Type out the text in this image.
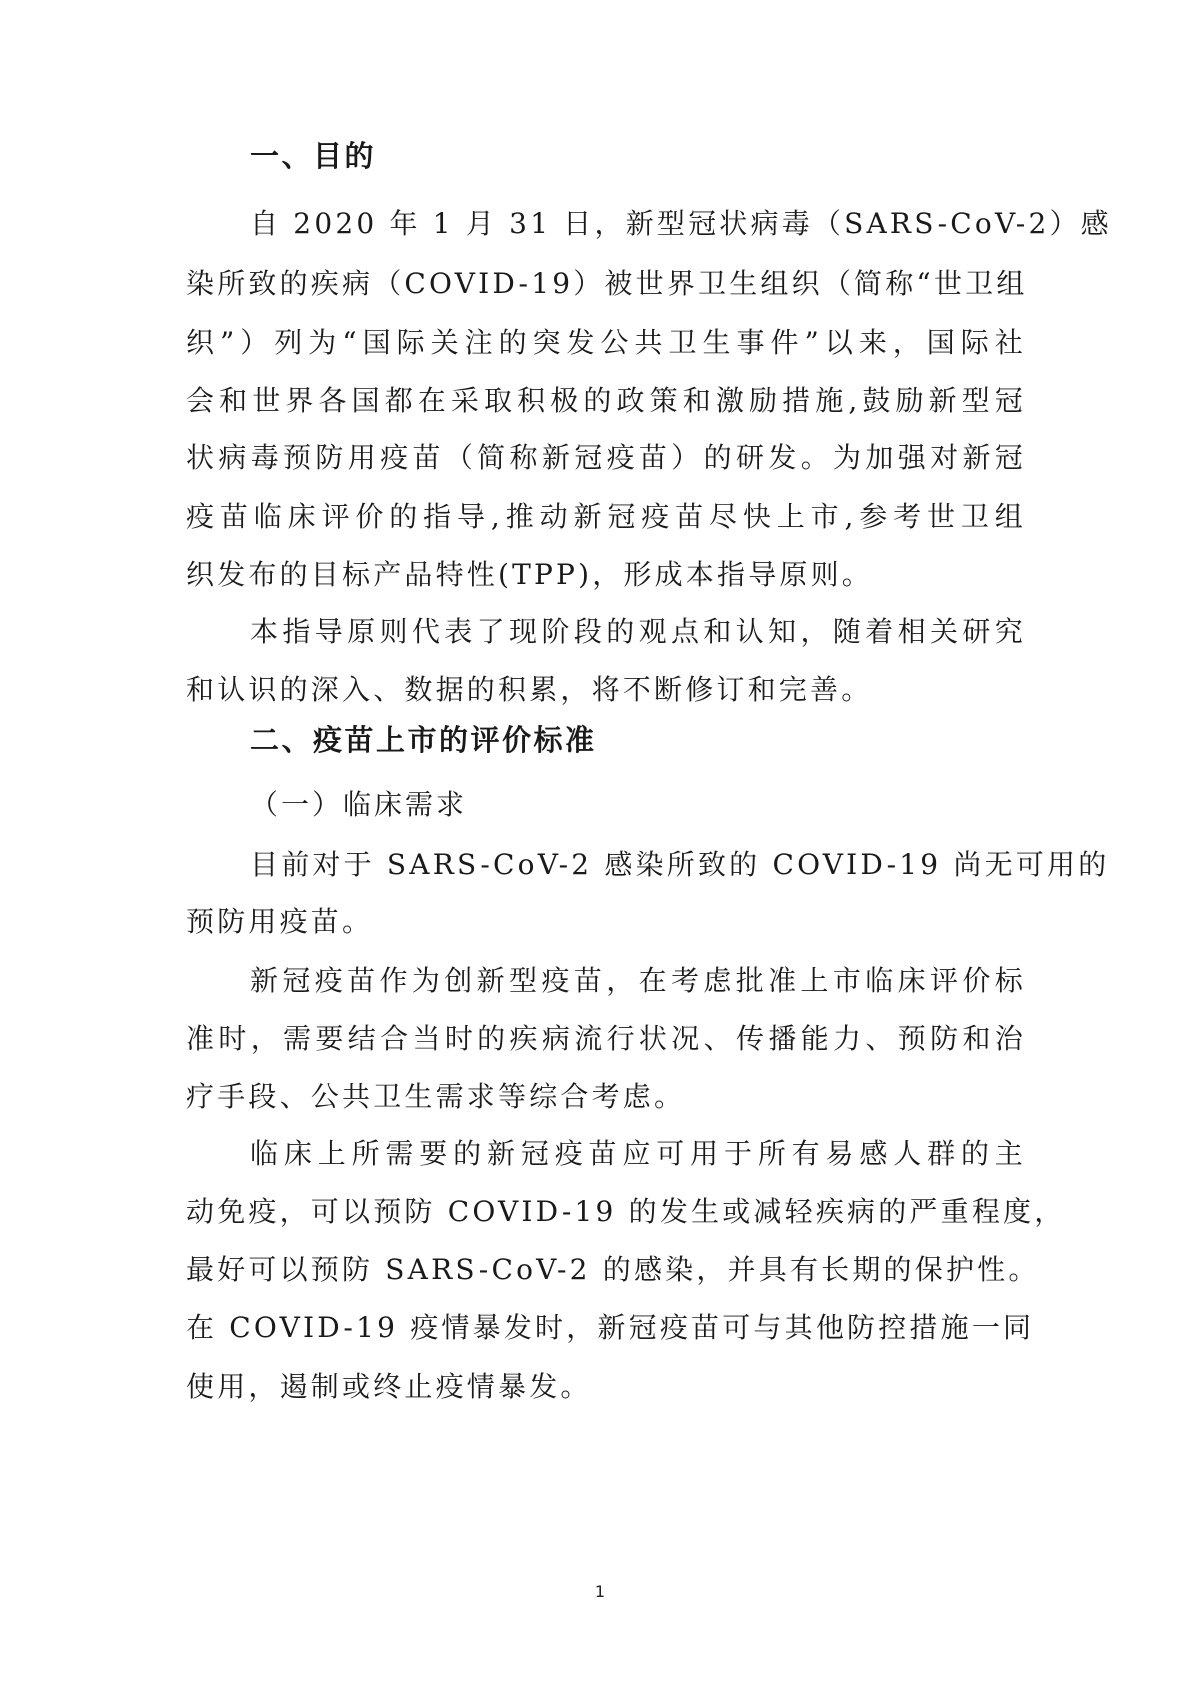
一、目的
自 2020 年 1 月 31 日，新型冠状病毒（SARS-CoV-2）感
染所致的疾病（COVID-19）被世界卫生组织（简称“世卫组
织”）列为“国际关注的突发公共卫生事件”以来，国际社
会和世界各国都在采取积极的政策和激励措施,鼓励新型冠
状病毒预防用疫苗（简称新冠疫苗）的研发。为加强对新冠
疫苗临床评价的指导,推动新冠疫苗尽快上市,参考世卫组
织发布的目标产品特性(TPP)，形成本指导原则。
本指导原则代表了现阶段的观点和认知，随着相关研究
和认识的深入、数据的积累，将不断修订和完善。
二、疫苗上市的评价标准
（一）临床需求
目前对于 SARS-CoV-2 感染所致的 COVID-19 尚无可用的
预防用疫苗。
新冠疫苗作为创新型疫苗，在考虑批准上市临床评价标
准时，需要结合当时的疾病流行状况、传播能力、预防和治
疗手段、公共卫生需求等综合考虑。
临床上所需要的新冠疫苗应可用于所有易感人群的主
动免疫，可以预防 COVID-19 的发生或减轻疾病的严重程度，
最好可以预防 SARS-CoV-2 的感染，并具有长期的保护性。
在 COVID-19 疫情暴发时，新冠疫苗可与其他防控措施一同
使用，遏制或终止疫情暴发。
1
